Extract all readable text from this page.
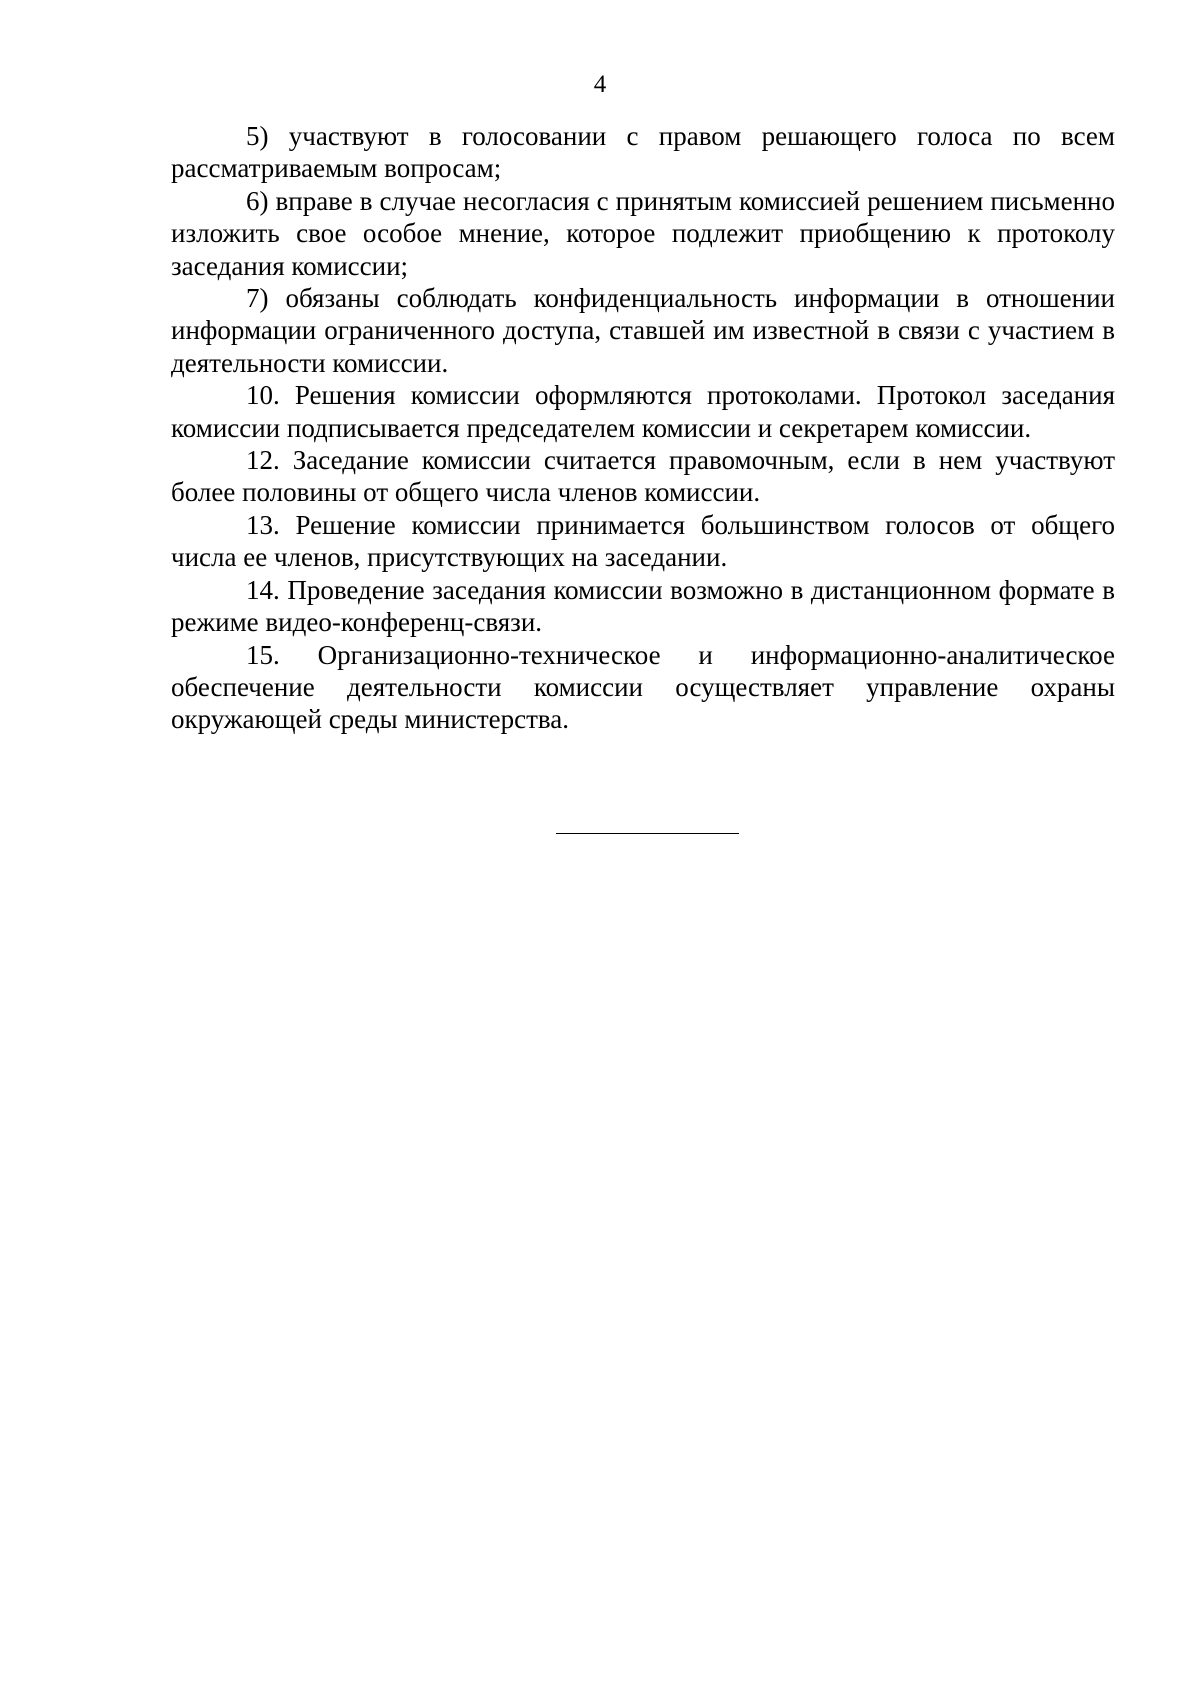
4

5) участвуют в голосовании с правом решающего голоса по всем рассматриваемым вопросам;

6) вправе в случае несогласия с принятым комиссией решением письменно изложить свое особое мнение, которое подлежит приобщению к протоколу заседания комиссии;

7) обязаны соблюдать конфиденциальность информации в отношении информации ограниченного доступа, ставшей им известной в связи с участием в деятельности комиссии.

10. Решения комиссии оформляются протоколами. Протокол заседания комиссии подписывается председателем комиссии и секретарем комиссии.

12. Заседание комиссии считается правомочным, если в нем участвуют более половины от общего числа членов комиссии.

13. Решение комиссии принимается большинством голосов от общего числа ее членов, присутствующих на заседании.

14. Проведение заседания комиссии возможно в дистанционном формате в режиме видео-конференц-связи.

15. Организационно-техническое и информационно-аналитическое обеспечение деятельности комиссии осуществляет управление охраны окружающей среды министерства.
